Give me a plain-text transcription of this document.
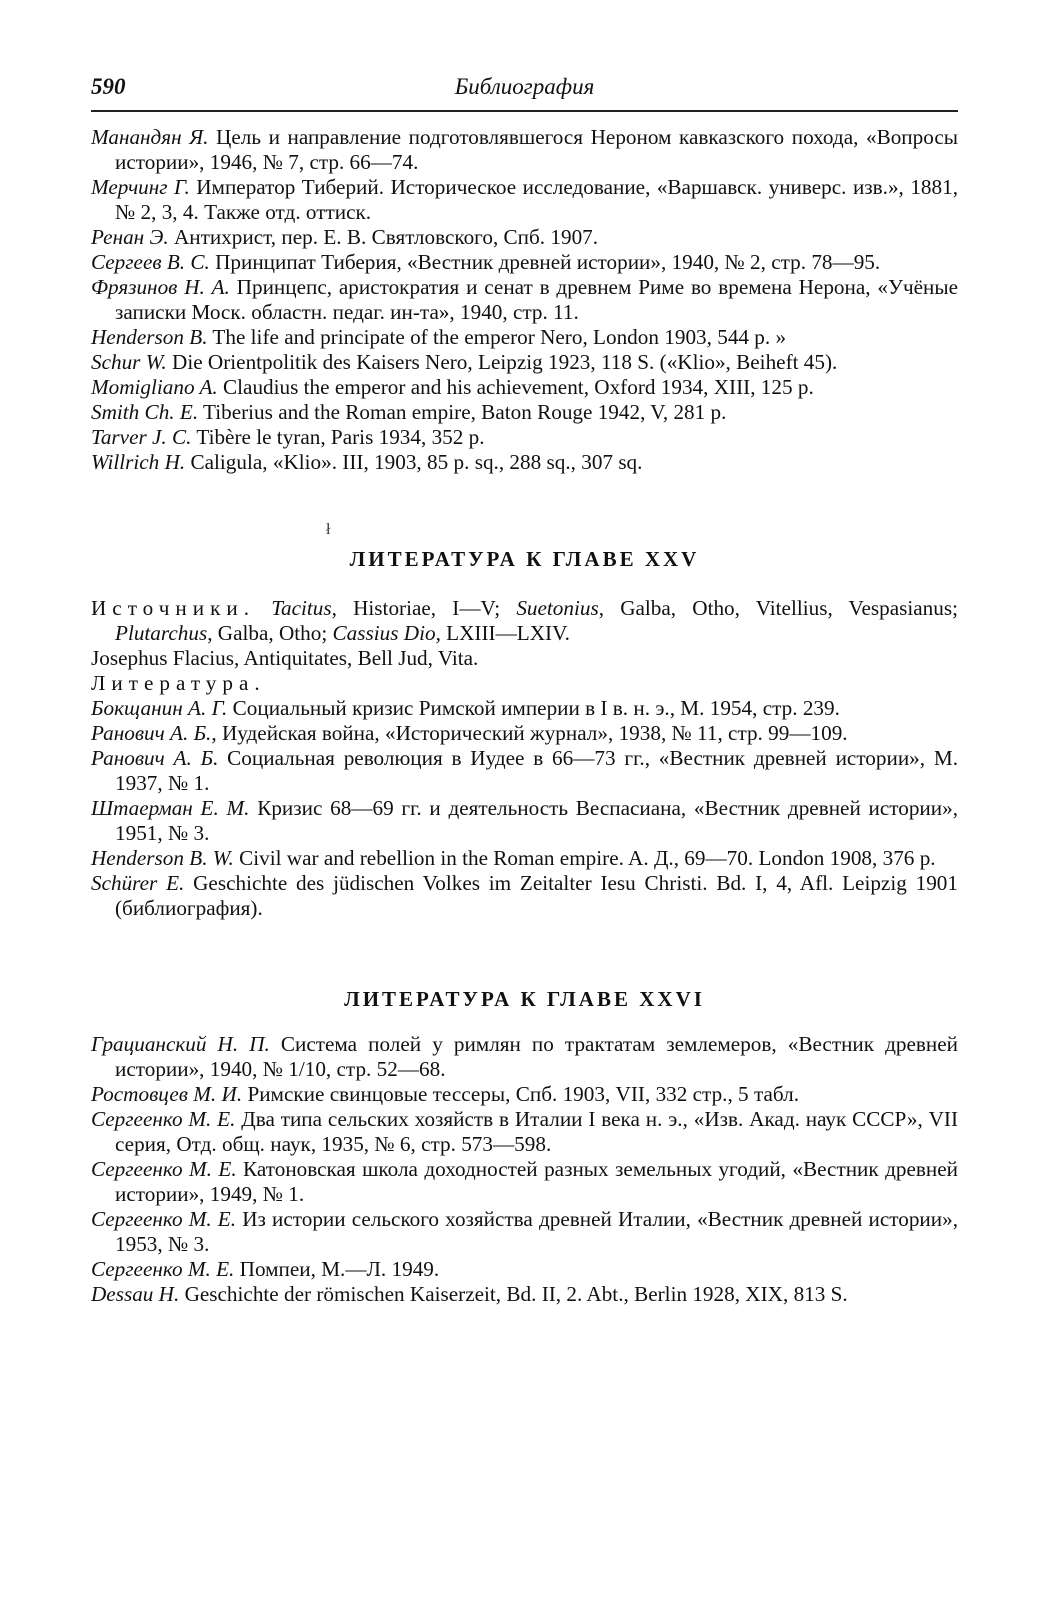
590	Библиография

Манандян Я. Цель и направление подготовлявшегося Нероном кавказского похода, «Вопросы истории», 1946, № 7, стр. 66—74.

Мерчинг Г. Император Тиберий. Историческое исследование, «Варшавск. универс. изв.», 1881, № 2, 3, 4. Также отд. оттиск.

Ренан Э. Антихрист, пер. Е. В. Святловского, Спб. 1907.

Сергеев В. С. Принципат Тиберия, «Вестник древней истории», 1940, № 2, стр. 78—95.

Фрязинов Н. А. Принцепс, аристократия и сенат в древнем Риме во времена Нерона, «Учёные записки Моск. областн. педаг. ин-та», 1940, стр. 11.

Henderson B. The life and principate of the emperor Nero, London 1903, 544 p. »

Schur W. Die Orientpolitik des Kaisers Nero, Leipzig 1923, 118 S. («Klio», Beiheft 45).

Momigliano A. Claudius the emperor and his achievement, Oxford 1934, XIII, 125 p.

Smith Ch. E. Tiberius and the Roman empire, Baton Rouge 1942, V, 281 p.

Tarver J. C. Tibère le tyran, Paris 1934, 352 p.

Willrich H. Caligula, «Klio». III, 1903, 85 p. sq., 288 sq., 307 sq.

ł
ЛИТЕРАТУРА К ГЛАВЕ XXV

Источники. Tacitus, Historiae, I—V; Suetonius, Galba, Otho, Vitellius, Vespasianus; Plutarchus, Galba, Otho; Cassius Dio, LXIII—LXIV.

Josephus Flacius, Antiquitates, Bell Jud, Vita.

Литература.

Бокщанин А. Г. Социальный кризис Римской империи в I в. н. э., М. 1954, стр. 239.

Ранович А. Б., Иудейская война, «Исторический журнал», 1938, № 11, стр. 99—109.

Ранович А. Б. Социальная революция в Иудее в 66—73 гг., «Вестник древней истории», М. 1937, № 1.

Штаерман Е. М. Кризис 68—69 гг. и деятельность Веспасиана, «Вестник древней истории», 1951, № 3.

Henderson B. W. Civil war and rebellion in the Roman empire. A. Д., 69—70. London 1908, 376 p.

Schürer E. Geschichte des jüdischen Volkes im Zeitalter Iesu Christi. Bd. I, 4, Afl. Leipzig 1901 (библиография).

ЛИТЕРАТУРА К ГЛАВЕ XXVI

Грациaнский Н. П. Система полей у римлян по трактатам землемеров, «Вестник древней истории», 1940, № 1/10, стр. 52—68.

Ростовцев М. И. Римские свинцовые тессеры, Спб. 1903, VII, 332 стр., 5 табл.

Сергеенко М. Е. Два типа сельских хозяйств в Италии I века н. э., «Изв. Акад. наук СССР», VII серия, Отд. общ. наук, 1935, № 6, стр. 573—598.

Сергеенко М. Е. Катоновская школа доходностей разных земельных угодий, «Вестник древней истории», 1949, № 1.

Сергеенко М. Е. Из истории сельского хозяйства древней Италии, «Вестник древней истории», 1953, № 3.

Сергеенко М. Е. Помпеи, М.—Л. 1949.

Dessau H. Geschichte der römischen Kaiserzeit, Bd. II, 2. Abt., Berlin 1928, XIX, 813 S.
